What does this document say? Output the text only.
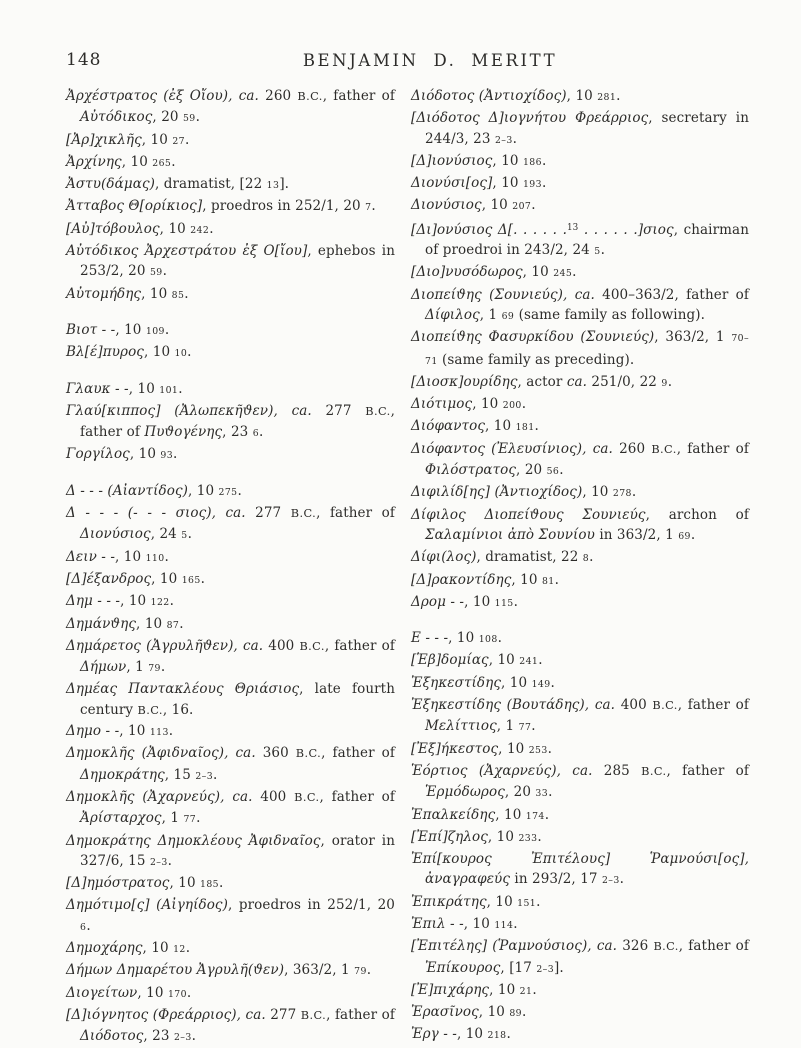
148	BENJAMIN D. MERITT

Ἀρχέστρατος (ἐξ Οἴου), ca. 260 B.C., father of Αὐτόδικος, 20 59.

[Ἀρ]χικλῆς, 10 27.

Ἀρχίνης, 10 265.

Ἀστυ(δάμας), dramatist, [22 13].

Ἀτταβος Θ[ορίκιος], proedros in 252/1, 20 7.

[Αὐ]τόβουλος, 10 242.

Αὐτόδικος Ἀρχεστράτου ἐξ Ο[ἴου], ephebos in 253/2, 20 59.

Αὐτομήδης, 10 85.

Βιοτ - -, 10 109.

Βλ[έ]πυρος, 10 10.

Γλαυκ - -, 10 101.

Γλαύ[κιππος] (Ἀλωπεκῆϑεν), ca. 277 B.C., father of Πυϑογένης, 23 6.

Γοργίλος, 10 93.

Δ - - - (Αἰαντίδος), 10 275.

Δ - - - (- - - σιος), ca. 277 B.C., father of Διονύσιος, 24 5.

Δειν - -, 10 110.

[Δ]έξανδρος, 10 165.

Δημ - - -, 10 122.

Δημάνϑης, 10 87.

Δημάρετος (Ἀγρυλῆϑεν), ca. 400 B.C., father of Δήμων, 1 79.

Δημέας Παντακλέους Θριάσιος, late fourth century B.C., 16.

Δημο - -, 10 113.

Δημοκλῆς (Ἀφιδναῖος), ca. 360 B.C., father of Δημοκράτης, 15 2–3.

Δημοκλῆς (Ἀχαρνεύς), ca. 400 B.C., father of Ἀρίσταρχος, 1 77.

Δημοκράτης Δημοκλέους Ἀφιδναῖος, orator in 327/6, 15 2–3.

[Δ]ημόστρατος, 10 185.

Δημότιμο[ς] (Αἰγηίδος), proedros in 252/1, 20 6.

Δημοχάρης, 10 12.

Δήμων Δημαρέτου Ἀγρυλῆ(ϑεν), 363/2, 1 79.

Διογείτων, 10 170.

[Δ]ιόγνητος (Φρεάρριος), ca. 277 B.C., father of Διόδοτος, 23 2–3.

Διόδοτος (Ἀντιοχίδος), 10 281.

[Διόδοτος Δ]ιογνήτου Φρεάρριος, secretary in 244/3, 23 2–3.

[Δ]ιονύσιος, 10 186.

Διονύσι[ος], 10 193.

Διονύσιος, 10 207.

[Δι]ονύσιος Δ[. . . . . .$^{13}$ . . . . . .]σιος, chairman of proedroi in 243/2, 24 5.

[Διο]νυσόδωρος, 10 245.

Διοπείϑης (Σουνιεύς), ca. 400–363/2, father of Δίφιλος, 1 69 (same family as following).

Διοπείϑης Φασυρκίδου (Σουνιεύς), 363/2, 1 70–71 (same family as preceding).

[Διοσκ]ουρίδης, actor ca. 251/0, 22 9.

Διότιμος, 10 200.

Διόφαντος, 10 181.

Διόφαντος (Ἐλευσίνιος), ca. 260 B.C., father of Φιλόστρατος, 20 56.

Διφιλίδ[ης] (Ἀντιοχίδος), 10 278.

Δίφιλος Διοπείϑους Σουνιεύς, archon of Σαλαμίνιοι ἀπὸ Σουνίου in 363/2, 1 69.

Δίφι(λος), dramatist, 22 8.

[Δ]ρακοντίδης, 10 81.

Δρομ - -, 10 115.

Ε - - -, 10 108.

[Ἑβ]δομίας, 10 241.

Ἐξηκεστίδης, 10 149.

Ἐξηκεστίδης (Βουτάδης), ca. 400 B.C., father of Μελίττιος, 1 77.

[Ἐξ]ήκεστος, 10 253.

Ἑόρτιος (Ἀχαρνεύς), ca. 285 B.C., father of Ἑρμόδωρος, 20 33.

Ἐπαλκείδης, 10 174.

[Ἐπί]ζηλος, 10 233.

Ἐπί[κουρος Ἐπιτέλους] Ῥαμνούσι[ος], ἀναγραφεύς in 293/2, 17 2–3.

Ἐπικράτης, 10 151.

Ἐπιλ - -, 10 114.

[Ἐπιτέλης] (Ῥαμνούσιος), ca. 326 B.C., father of Ἐπίκουρος, [17 2–3].

[Ἐ]πιχάρης, 10 21.

Ἐρασῖνος, 10 89.

Ἐργ - -, 10 218.
